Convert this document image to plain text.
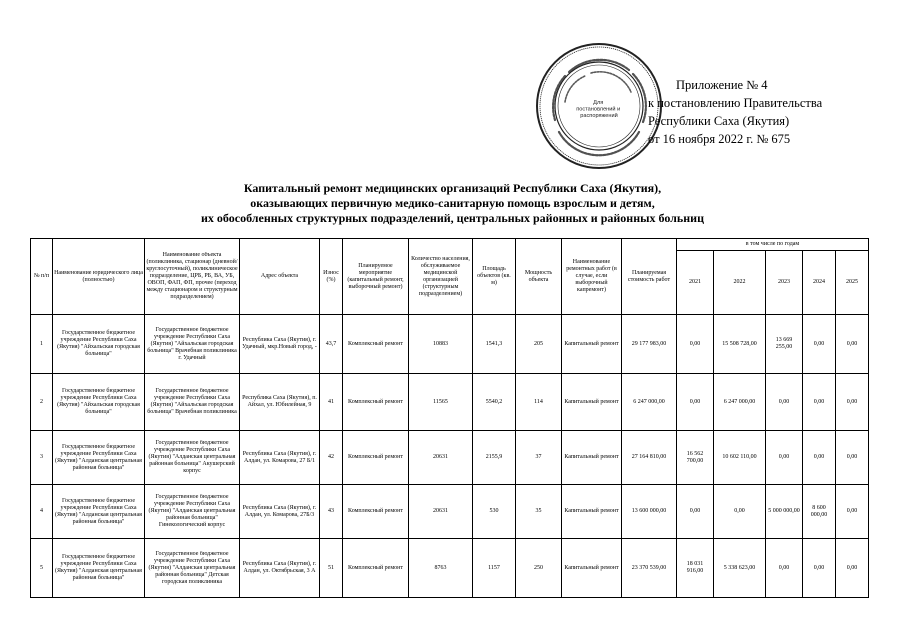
Для постановлений и распоряжений
Приложение № 4
к постановлению Правительства
Республики Саха (Якутия)
от 16 ноября 2022 г. № 675
Капитальный ремонт медицинских организаций Республики Саха (Якутия),
оказывающих первичную медико-санитарную помощь взрослым и детям,
их обособленных структурных подразделений, центральных районных и районных больниц
№ п/п	Наименование юридического лица (полностью)	Наименование объекта (поликлиника, стационар (дневной/круглосуточный), поликлиническое подразделение, ЦРБ, РБ, ВА, УБ, ОВОП, ФАП, ФП, прочее (переход между стационаром и структурным подразделением)	Адрес объекта	Износ (%)	Планируемое мероприятие (капитальный ремонт, выборочный ремонт)	Количество населения, обслуживаемое медицинской организацией (структурным подразделением)	Площадь объектов (кв. м)	Мощность объекта	Наименование ремонтных работ (в случае, если выборочный капремонт)	Планируемая стоимость работ	в том числе по годам				
											2021	2022	2023	2024	2025
1	Государственное бюджетное учреждение Республики Саха (Якутия) "Айхальская городская больница"	Государственное бюджетное учреждение Республики Саха (Якутия) "Айхальская городская больница" Врачебная поликлиника г. Удачный	Республика Саха (Якутия), г. Удачный, мкр.Новый город, -	43,7	Комплексный ремонт	10883	1541,3	205	Капитальный ремонт	29 177 983,00	0,00	15 508 728,00	13 669 255,00	0,00	0,00
2	Государственное бюджетное учреждение Республики Саха (Якутия) "Айхальская городская больница"	Государственное бюджетное учреждение Республики Саха (Якутия) "Айхальская городская больница" Врачебная поликлиника	Республика Саха (Якутия), п. Айхал, ул. Юбилейная, 9	41	Комплексный ремонт	11565	5540,2	114	Капитальный ремонт	6 247 000,00	0,00	6 247 000,00	0,00	0,00	0,00
3	Государственное бюджетное учреждение Республики Саха (Якутия) "Алданская центральная районная больница"	Государственное бюджетное учреждение Республики Саха (Якутия) "Алданская центральная районная больница" Акушерский корпус	Республика Саха (Якутия), г. Алдан, ул. Комарова, 27 Б/1	42	Комплексный ремонт	20631	2155,9	37	Капитальный ремонт	27 164 810,00	16 562 700,00	10 602 110,00	0,00	0,00	0,00
4	Государственное бюджетное учреждение Республики Саха (Якутия) "Алданская центральная районная больница"	Государственное бюджетное учреждение Республики Саха (Якутия) "Алданская центральная районная больница" Гинекологический корпус	Республика Саха (Якутия), г. Алдан, ул. Комарова, 27Б/3	43	Комплексный ремонт	20631	530	35	Капитальный ремонт	13 600 000,00	0,00	0,00	5 000 000,00	8 600 000,00	0,00
5	Государственное бюджетное учреждение Республики Саха (Якутия) "Алданская центральная районная больница"	Государственное бюджетное учреждение Республики Саха (Якутия) "Алданская центральная районная больница" Детская городская поликлиника	Республика Саха (Якутия), г. Алдан, ул. Октябрьская, 3 А	51	Комплексный ремонт	8763	1157	250	Капитальный ремонт	23 370 539,00	18 031 916,00	5 338 623,00	0,00	0,00	0,00
